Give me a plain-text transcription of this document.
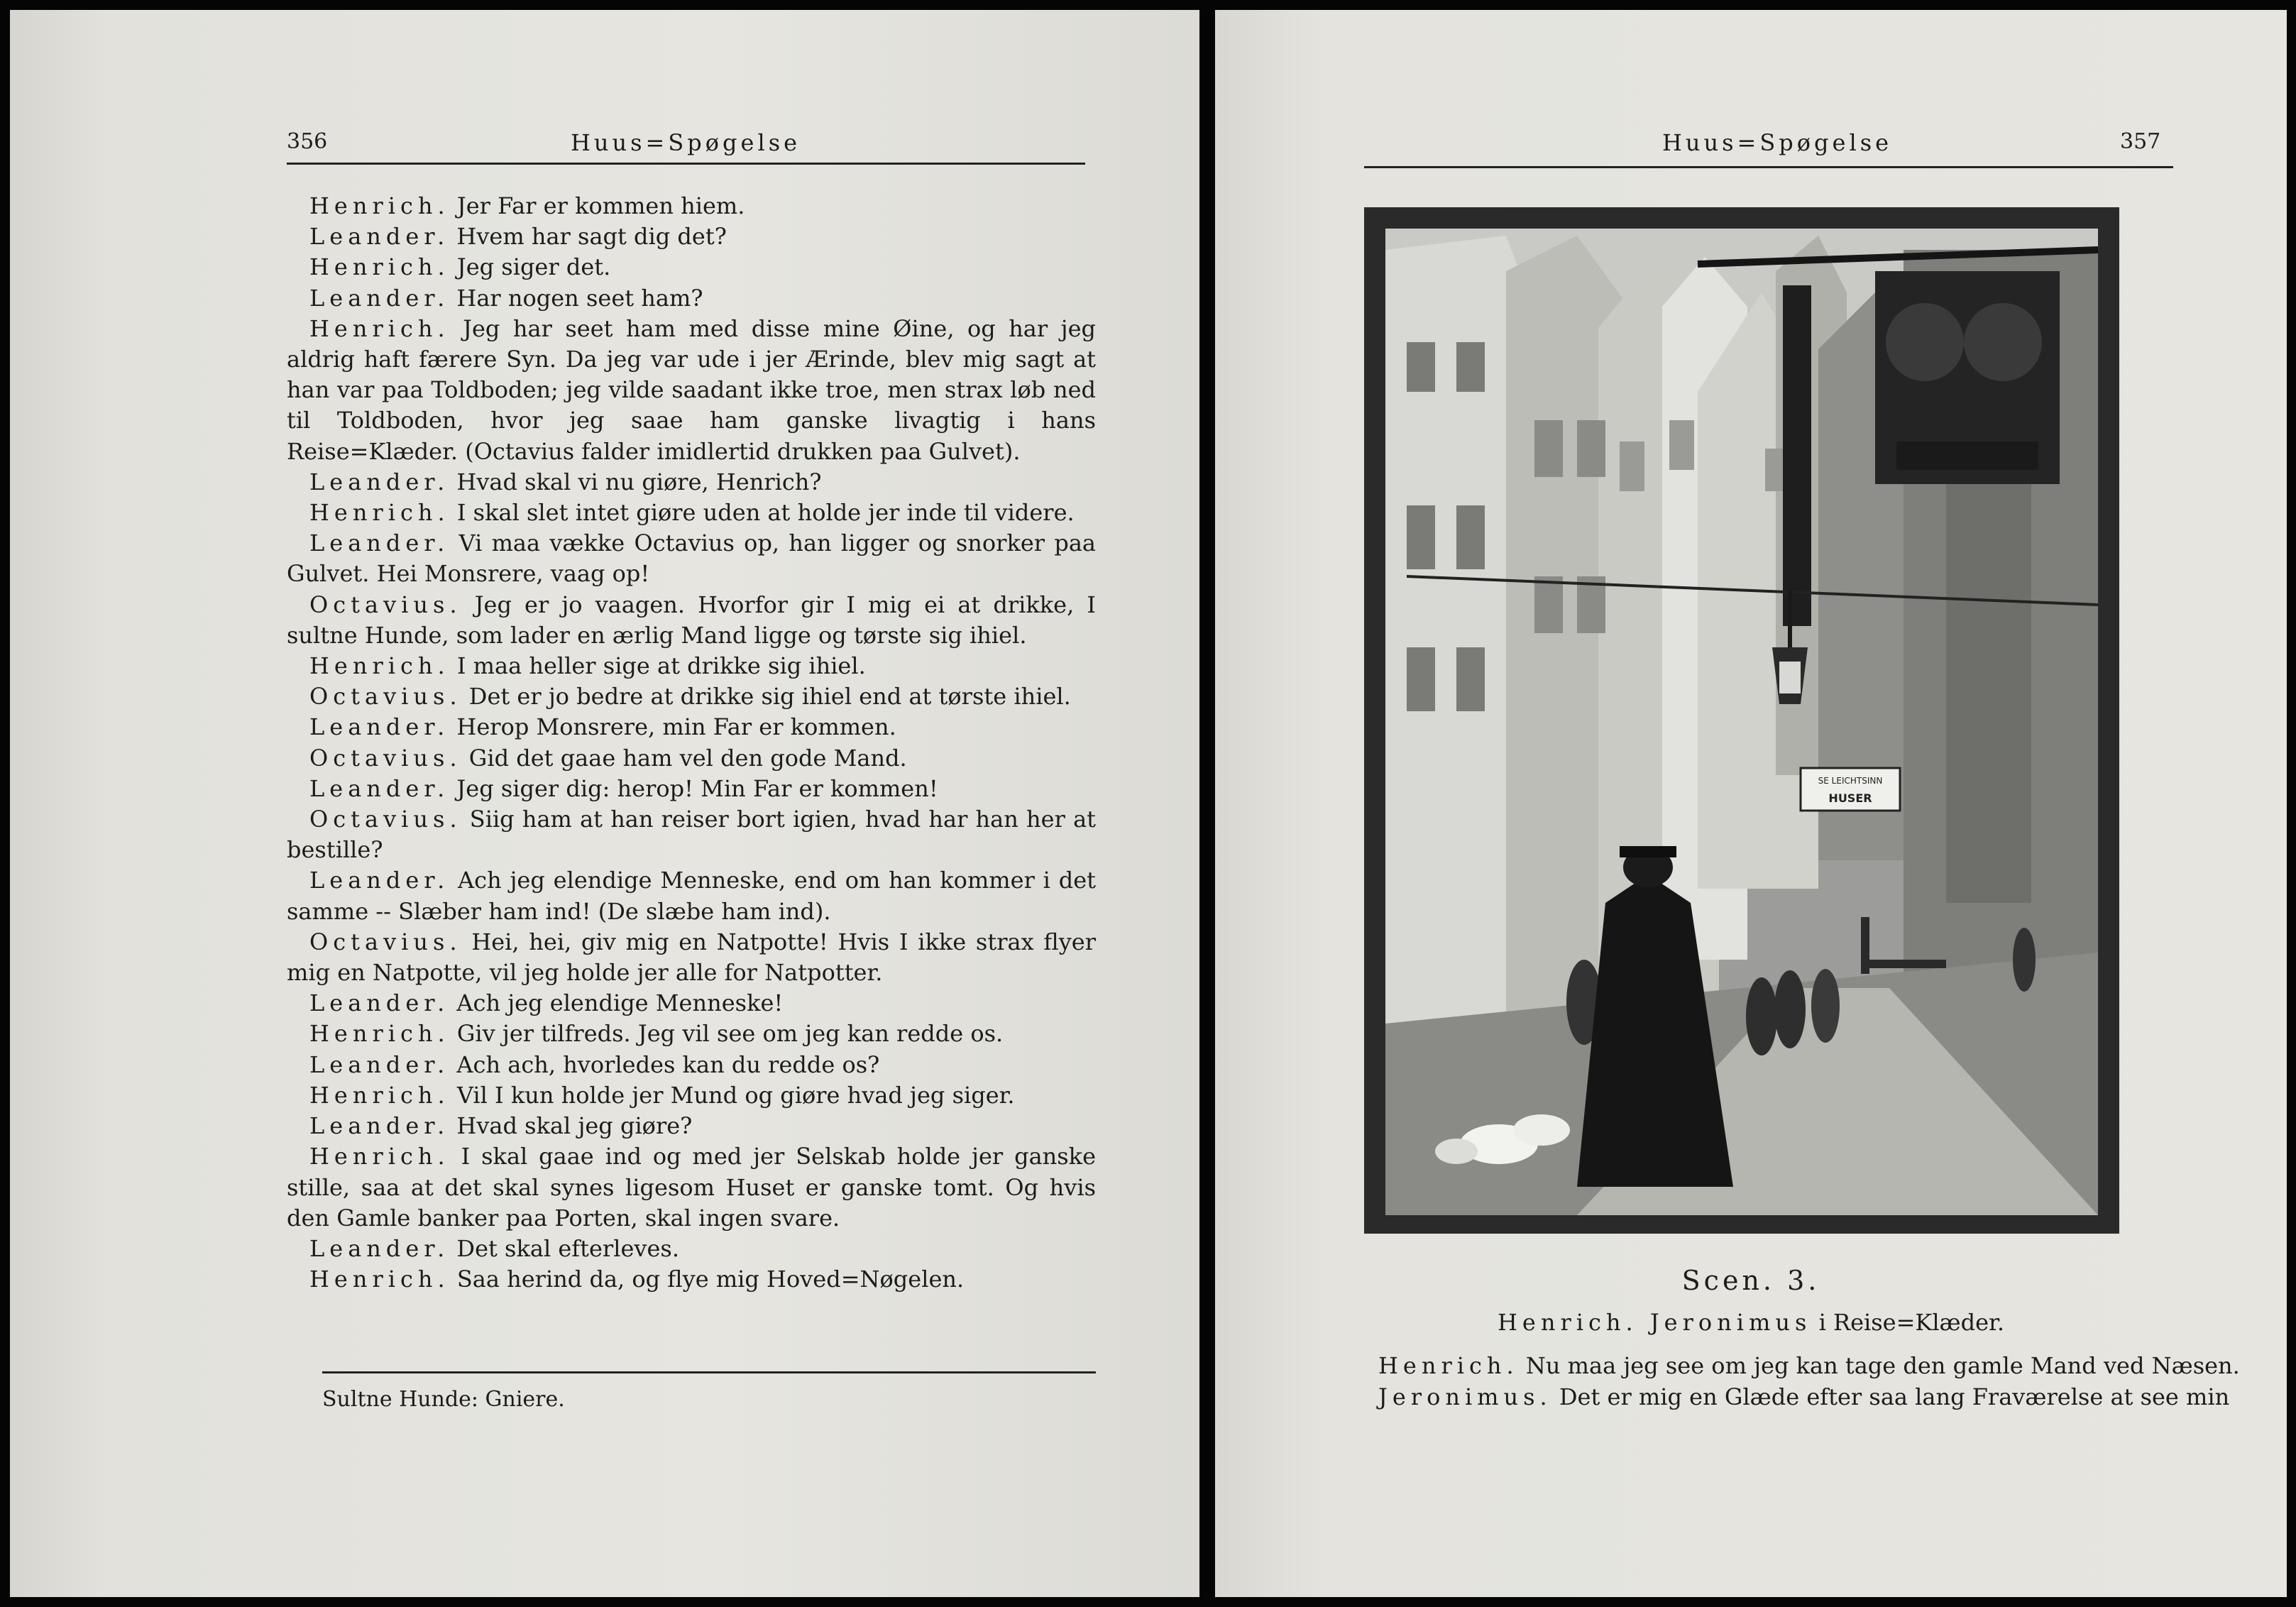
356	Huus=Spøgelse

Henrich. Jer Far er kommen hiem.

Leander. Hvem har sagt dig det?

Henrich. Jeg siger det.

Leander. Har nogen seet ham?

Henrich. Jeg har seet ham med disse mine Øine, og har jeg aldrig haft færere Syn. Da jeg var ude i jer Ærinde, blev mig sagt at han var paa Toldboden; jeg vilde saadant ikke troe, men strax løb ned til Toldboden, hvor jeg saae ham ganske livagtig i hans Reise=Klæder. (Octavius falder imidlertid drukken paa Gulvet).

Leander. Hvad skal vi nu giøre, Henrich?

Henrich. I skal slet intet giøre uden at holde jer inde til videre.

Leander. Vi maa vække Octavius op, han ligger og snorker paa Gulvet. Hei Monsrere, vaag op!

Octavius. Jeg er jo vaagen. Hvorfor gir I mig ei at drikke, I sultne Hunde, som lader en ærlig Mand ligge og tørste sig ihiel.

Henrich. I maa heller sige at drikke sig ihiel.

Octavius. Det er jo bedre at drikke sig ihiel end at tørste ihiel.

Leander. Herop Monsrere, min Far er kommen.

Octavius. Gid det gaae ham vel den gode Mand.

Leander. Jeg siger dig: herop! Min Far er kommen!

Octavius. Siig ham at han reiser bort igien, hvad har han her at bestille?

Leander. Ach jeg elendige Menneske, end om han kommer i det samme -- Slæber ham ind! (De slæbe ham ind).

Octavius. Hei, hei, giv mig en Natpotte! Hvis I ikke strax flyer mig en Natpotte, vil jeg holde jer alle for Natpotter.

Leander. Ach jeg elendige Menneske!

Henrich. Giv jer tilfreds. Jeg vil see om jeg kan redde os.

Leander. Ach ach, hvorledes kan du redde os?

Henrich. Vil I kun holde jer Mund og giøre hvad jeg siger.

Leander. Hvad skal jeg giøre?

Henrich. I skal gaae ind og med jer Selskab holde jer ganske stille, saa at det skal synes ligesom Huset er ganske tomt. Og hvis den Gamle banker paa Porten, skal ingen svare.

Leander. Det skal efterleves.

Henrich. Saa herind da, og flye mig Hoved=Nøgelen.

Sultne Hunde: Gniere.
Huus=Spøgelse	357
SE LEICHTSINN
HUSER
Scen. 3.
Henrich. Jeronimus i Reise=Klæder.

Henrich. Nu maa jeg see om jeg kan tage den gamle Mand ved Næsen.

Jeronimus. Det er mig en Glæde efter saa lang Fraværelse at see min
